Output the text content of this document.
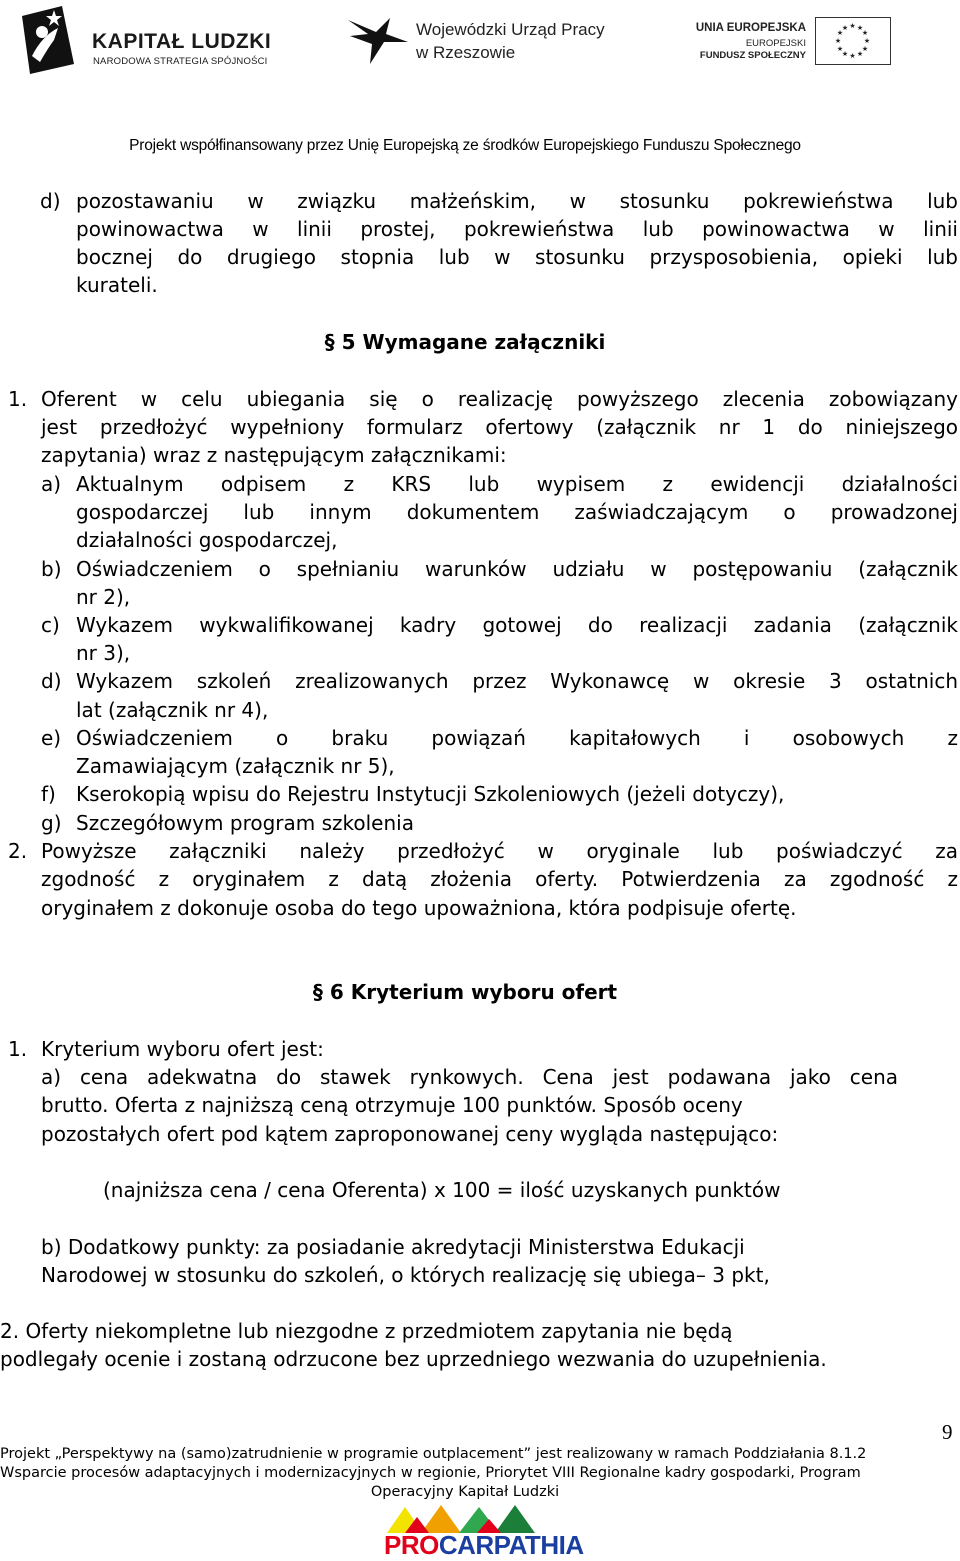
KAPITAŁ LUDZKI
NARODOWA STRATEGIA SPÓJNOŚCI
Wojewódzki Urząd Pracy
w Rzeszowie
UNIA EUROPEJSKA
EUROPEJSKI
FUNDUSZ SPOŁECZNY
★ ★
★
★
★
★
★
★
★
★
★
★
Projekt współfinansowany przez Unię Europejską ze środków Europejskiego Funduszu Społecznego
d) pozostawaniu w związku małżeńskim, w stosunku pokrewieństwa lub
powinowactwa w linii prostej, pokrewieństwa lub powinowactwa w linii
bocznej do drugiego stopnia lub w stosunku przysposobienia, opieki lub
kurateli.
§ 5 Wymagane załączniki
1. Oferent w celu ubiegania się o realizację powyższego zlecenia zobowiązany
jest przedłożyć wypełniony formularz ofertowy (załącznik nr 1 do niniejszego
zapytania) wraz z następującym załącznikami:
a) Aktualnym odpisem z KRS lub wypisem z ewidencji działalności
gospodarczej lub innym dokumentem zaświadczającym o prowadzonej
działalności gospodarczej,
b) Oświadczeniem o spełnianiu warunków udziału w postępowaniu (załącznik
nr 2),
c) Wykazem wykwalifikowanej kadry gotowej do realizacji zadania (załącznik
nr 3),
d) Wykazem szkoleń zrealizowanych przez Wykonawcę w okresie 3 ostatnich
lat (załącznik nr 4),
e) Oświadczeniem o braku powiązań kapitałowych i osobowych z
Zamawiającym (załącznik nr 5),
f) Kserokopią wpisu do Rejestru Instytucji Szkoleniowych (jeżeli dotyczy),
g) Szczegółowym program szkolenia
2. Powyższe załączniki należy przedłożyć w oryginale lub poświadczyć za
zgodność z oryginałem z datą złożenia oferty. Potwierdzenia za zgodność z
oryginałem z dokonuje osoba do tego upoważniona, która podpisuje ofertę.
§ 6 Kryterium wyboru ofert
1. Kryterium wyboru ofert jest:
a) cena adekwatna do stawek rynkowych. Cena jest podawana jako cena
brutto. Oferta z najniższą ceną otrzymuje 100 punktów. Sposób oceny
pozostałych ofert pod kątem zaproponowanej ceny wygląda następująco:
(najniższa cena / cena Oferenta) x 100 = ilość uzyskanych punktów
b) Dodatkowy punkty: za posiadanie akredytacji Ministerstwa Edukacji
Narodowej w stosunku do szkoleń, o których realizację się ubiega– 3 pkt,
2. Oferty niekompletne lub niezgodne z przedmiotem zapytania nie będą
podlegały ocenie i zostaną odrzucone bez uprzedniego wezwania do uzupełnienia.
9
Projekt „Perspektywy na (samo)zatrudnienie w programie outplacement” jest realizowany w ramach Poddziałania 8.1.2
Wsparcie procesów adaptacyjnych i modernizacyjnych w regionie, Priorytet VIII Regionalne kadry gospodarki, Program
Operacyjny Kapitał Ludzki
PROCARPATHIA
